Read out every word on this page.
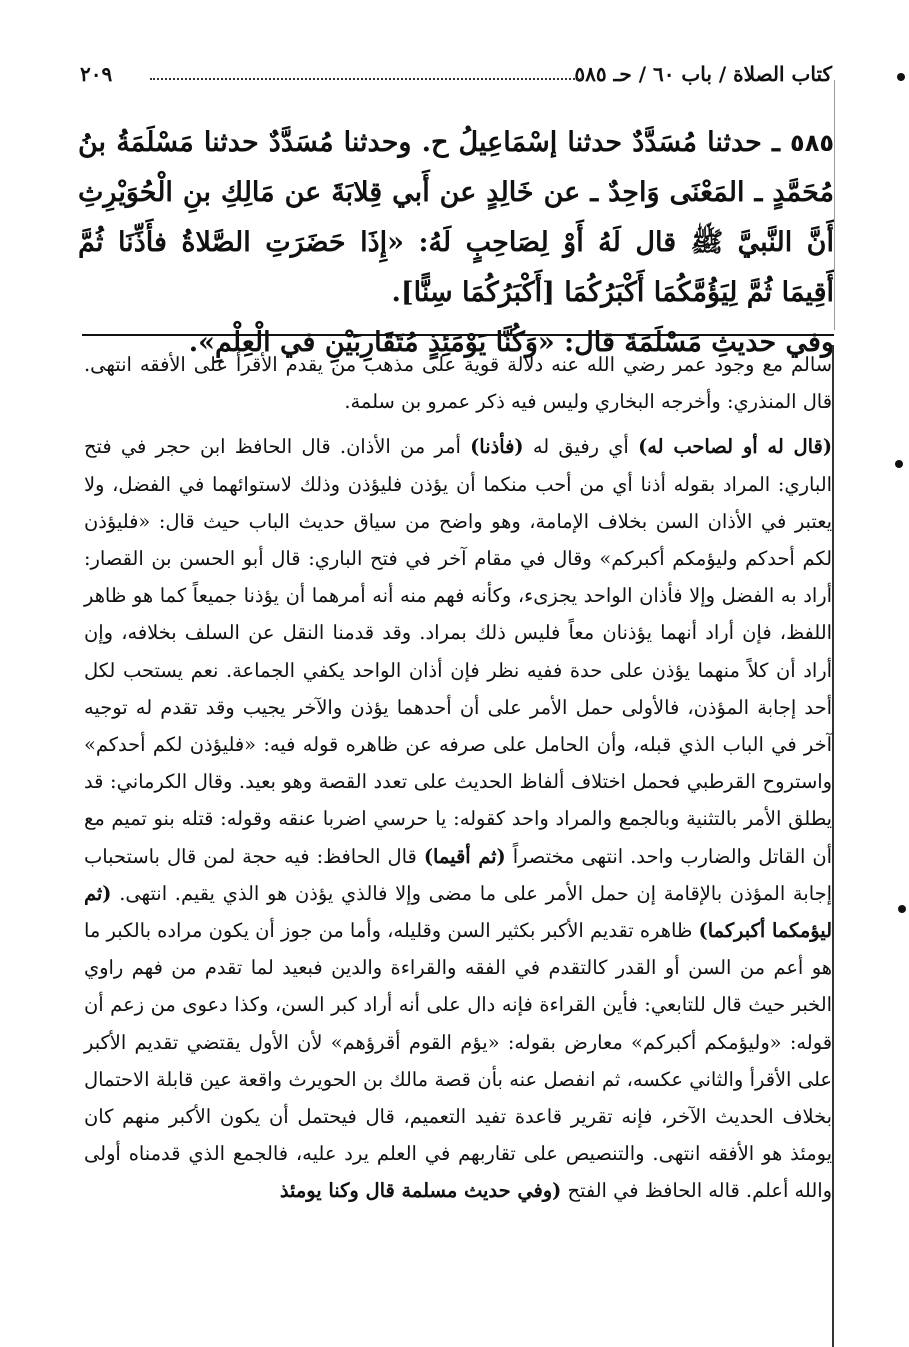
كتاب الصلاة / باب ٦٠ / حـ ٥٨٥
٢٠٩

٥٨٥ ـ حدثنا مُسَدَّدٌ حدثنا إسْمَاعِيلُ ح. وحدثنا مُسَدَّدٌ حدثنا مَسْلَمَةُ بنُ مُحَمَّدٍ ـ المَعْنَى وَاحِدٌ ـ عن خَالِدٍ عن أَبي قِلابَةَ عن مَالِكِ بنِ الْحُوَيْرِثِ أَنَّ النَّبيَّ ﷺ قال لَهُ أَوْ لِصَاحِبٍ لَهُ: «إِذَا حَضَرَتِ الصَّلاةُ فأَذِّنَا ثُمَّ أَقِيمَا ثُمَّ لِيَؤُمَّكُمَا أَكْبَرُكُمَا [أَكْبَرُكُمَا سِنًّا].

وفي حديثِ مَسْلَمَةَ قال: «وَكُنَّا يَوْمَئِذٍ مُتَقَارِبَيْنِ في الْعِلْمِ».

سالم مع وجود عمر رضي الله عنه دلالة قوية على مذهب من يقدم الأقرأ على الأفقه انتهى. قال المنذري: وأخرجه البخاري وليس فيه ذكر عمرو بن سلمة.

(قال له أو لصاحب له) أي رفيق له (فأذنا) أمر من الأذان. قال الحافظ ابن حجر في فتح الباري: المراد بقوله أذنا أي من أحب منكما أن يؤذن فليؤذن وذلك لاستوائهما في الفضل، ولا يعتبر في الأذان السن بخلاف الإمامة، وهو واضح من سياق حديث الباب حيث قال: «فليؤذن لكم أحدكم وليؤمكم أكبركم» وقال في مقام آخر في فتح الباري: قال أبو الحسن بن القصار: أراد به الفضل وإلا فأذان الواحد يجزىء، وكأنه فهم منه أنه أمرهما أن يؤذنا جميعاً كما هو ظاهر اللفظ، فإن أراد أنهما يؤذنان معاً فليس ذلك بمراد. وقد قدمنا النقل عن السلف بخلافه، وإن أراد أن كلاً منهما يؤذن على حدة ففيه نظر فإن أذان الواحد يكفي الجماعة. نعم يستحب لكل أحد إجابة المؤذن، فالأولى حمل الأمر على أن أحدهما يؤذن والآخر يجيب وقد تقدم له توجيه آخر في الباب الذي قبله، وأن الحامل على صرفه عن ظاهره قوله فيه: «فليؤذن لكم أحدكم» واستروح القرطبي فحمل اختلاف ألفاظ الحديث على تعدد القصة وهو بعيد. وقال الكرماني: قد يطلق الأمر بالتثنية وبالجمع والمراد واحد كقوله: يا حرسي اضربا عنقه وقوله: قتله بنو تميم مع أن القاتل والضارب واحد. انتهى مختصراً (ثم أقيما) قال الحافظ: فيه حجة لمن قال باستحباب إجابة المؤذن بالإقامة إن حمل الأمر على ما مضى وإلا فالذي يؤذن هو الذي يقيم. انتهى. (ثم ليؤمكما أكبركما) ظاهره تقديم الأكبر بكثير السن وقليله، وأما من جوز أن يكون مراده بالكبر ما هو أعم من السن أو القدر كالتقدم في الفقه والقراءة والدين فبعيد لما تقدم من فهم راوي الخبر حيث قال للتابعي: فأين القراءة فإنه دال على أنه أراد كبر السن، وكذا دعوى من زعم أن قوله: «وليؤمكم أكبركم» معارض بقوله: «يؤم القوم أقرؤهم» لأن الأول يقتضي تقديم الأكبر على الأقرأ والثاني عكسه، ثم انفصل عنه بأن قصة مالك بن الحويرث واقعة عين قابلة الاحتمال بخلاف الحديث الآخر، فإنه تقرير قاعدة تفيد التعميم، قال فيحتمل أن يكون الأكبر منهم كان يومئذ هو الأفقه انتهى. والتنصيص على تقاربهم في العلم يرد عليه، فالجمع الذي قدمناه أولى والله أعلم. قاله الحافظ في الفتح (وفي حديث مسلمة قال وكنا يومئذ
